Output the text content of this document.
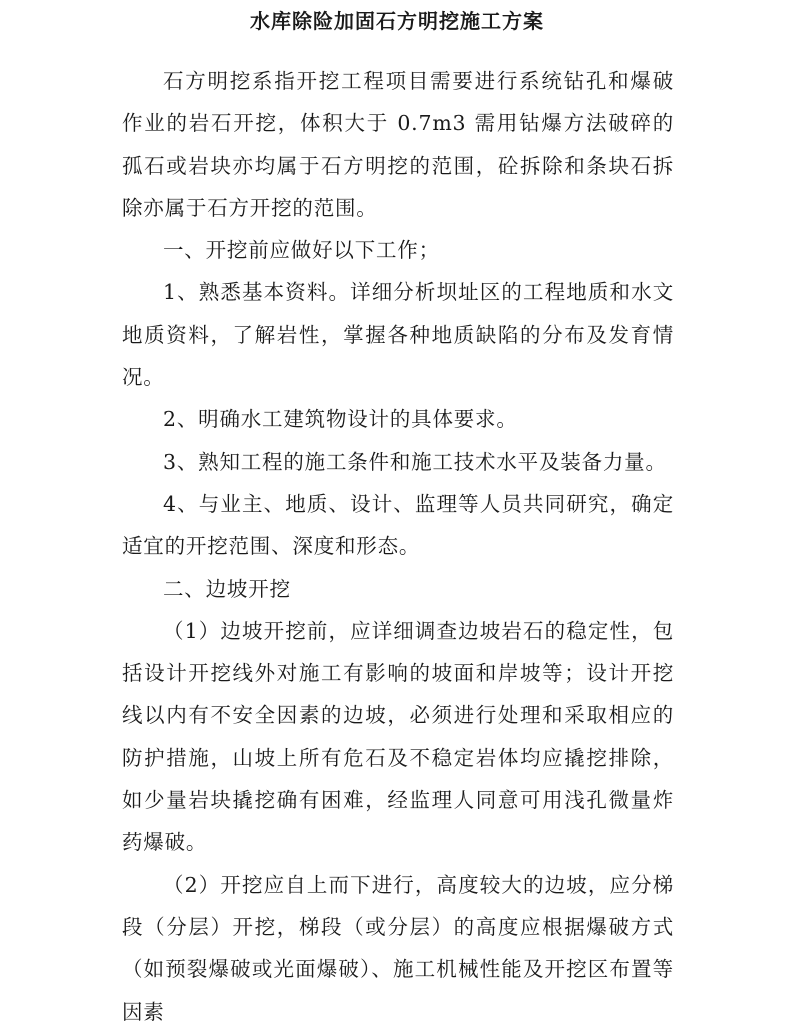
水库除险加固石方明挖施工方案

石方明挖系指开挖工程项目需要进行系统钻孔和爆破作业的岩石开挖，体积大于 0.7m3 需用钻爆方法破碎的孤石或岩块亦均属于石方明挖的范围，砼拆除和条块石拆除亦属于石方开挖的范围。

一、开挖前应做好以下工作；

1、熟悉基本资料。详细分析坝址区的工程地质和水文地质资料，了解岩性，掌握各种地质缺陷的分布及发育情况。

2、明确水工建筑物设计的具体要求。

3、熟知工程的施工条件和施工技术水平及装备力量。

4、与业主、地质、设计、监理等人员共同研究，确定适宜的开挖范围、深度和形态。

二、边坡开挖

（1）边坡开挖前，应详细调查边坡岩石的稳定性，包括设计开挖线外对施工有影响的坡面和岸坡等；设计开挖线以内有不安全因素的边坡，必须进行处理和采取相应的防护措施，山坡上所有危石及不稳定岩体均应撬挖排除，如少量岩块撬挖确有困难，经监理人同意可用浅孔微量炸药爆破。

（2）开挖应自上而下进行，高度较大的边坡，应分梯段（分层）开挖，梯段（或分层）的高度应根据爆破方式（如预裂爆破或光面爆破）、施工机械性能及开挖区布置等因素
